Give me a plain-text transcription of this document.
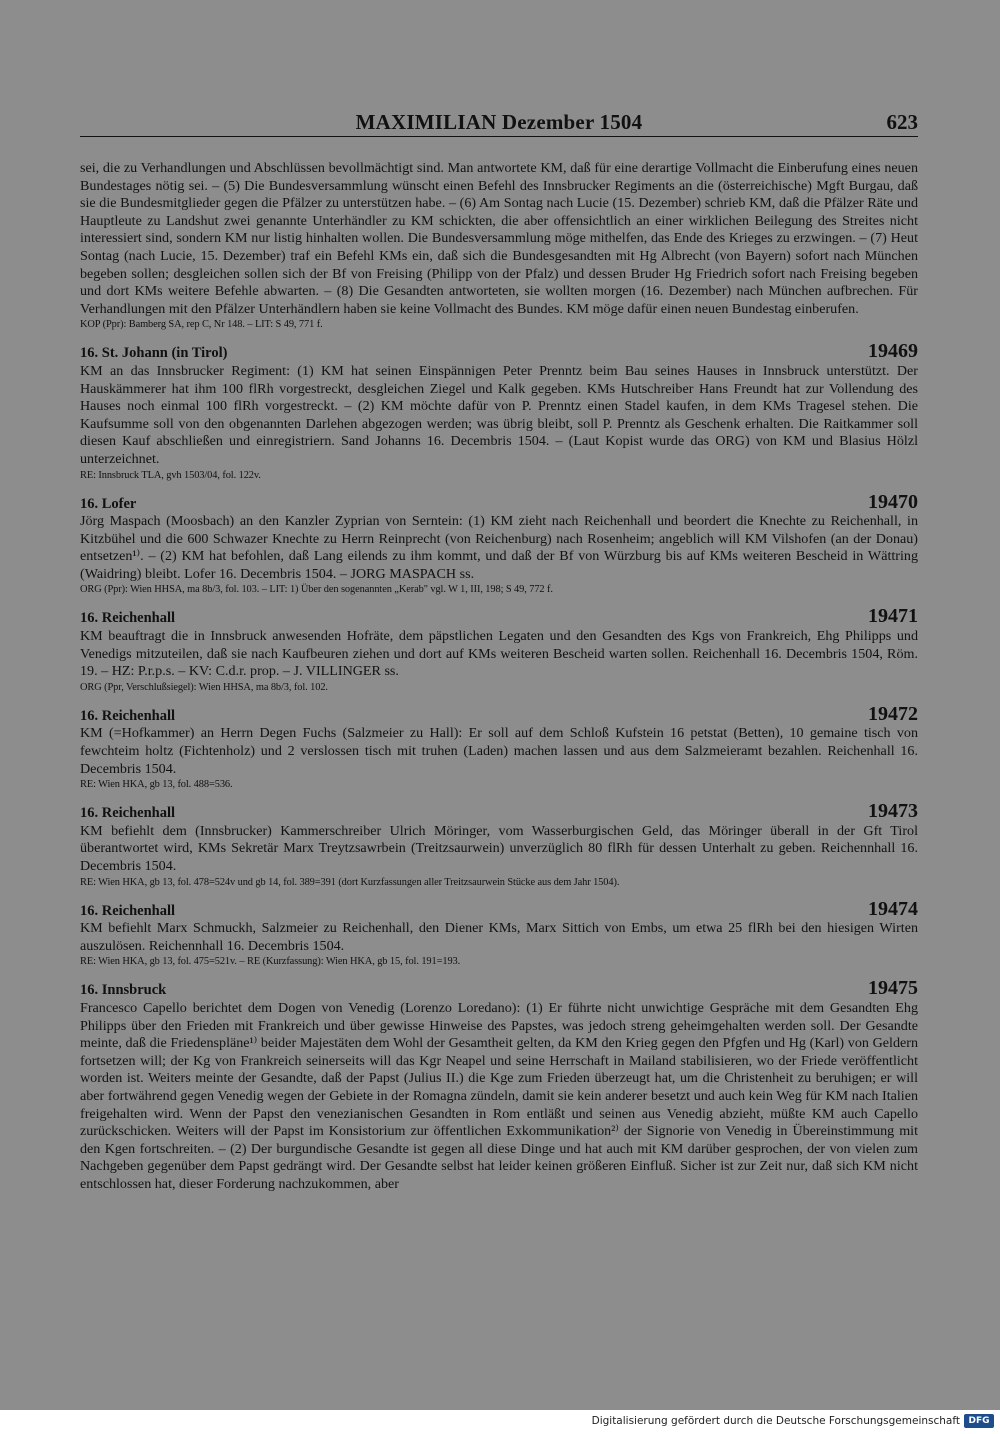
MAXIMILIAN Dezember 1504	623

sei, die zu Verhandlungen und Abschlüssen bevollmächtigt sind. Man antwortete KM, daß für eine derartige Vollmacht die Einberufung eines neuen Bundestages nötig sei. – (5) Die Bundesversammlung wünscht einen Befehl des Innsbrucker Regiments an die (österreichische) Mgft Burgau, daß sie die Bundesmitglieder gegen die Pfälzer zu unterstützen habe. – (6) Am Sontag nach Lucie (15. Dezember) schrieb KM, daß die Pfälzer Räte und Hauptleute zu Landshut zwei genannte Unterhändler zu KM schickten, die aber offensichtlich an einer wirklichen Beilegung des Streites nicht interessiert sind, sondern KM nur listig hinhalten wollen. Die Bundesversammlung möge mithelfen, das Ende des Krieges zu erzwingen. – (7) Heut Sontag (nach Lucie, 15. Dezember) traf ein Befehl KMs ein, daß sich die Bundesgesandten mit Hg Albrecht (von Bayern) sofort nach München begeben sollen; desgleichen sollen sich der Bf von Freising (Philipp von der Pfalz) und dessen Bruder Hg Friedrich sofort nach Freising begeben und dort KMs weitere Befehle abwarten. – (8) Die Gesandten antworteten, sie wollten morgen (16. Dezember) nach München aufbrechen. Für Verhandlungen mit den Pfälzer Unterhändlern haben sie keine Vollmacht des Bundes. KM möge dafür einen neuen Bundestag einberufen.

KOP (Ppr): Bamberg SA, rep C, Nr 148. – LIT: S 49, 771 f.

16. St. Johann (in Tirol)	19469

KM an das Innsbrucker Regiment: (1) KM hat seinen Einspännigen Peter Prenntz beim Bau seines Hauses in Innsbruck unterstützt. Der Hauskämmerer hat ihm 100 flRh vorgestreckt, desgleichen Ziegel und Kalk gegeben. KMs Hutschreiber Hans Freundt hat zur Vollendung des Hauses noch einmal 100 flRh vorgestreckt. – (2) KM möchte dafür von P. Prenntz einen Stadel kaufen, in dem KMs Tragesel stehen. Die Kaufsumme soll von den obgenannten Darlehen abgezogen werden; was übrig bleibt, soll P. Prenntz als Geschenk erhalten. Die Raitkammer soll diesen Kauf abschließen und einregistriern. Sand Johanns 16. Decembris 1504. – (Laut Kopist wurde das ORG) von KM und Blasius Hölzl unterzeichnet.

RE: Innsbruck TLA, gvh 1503/04, fol. 122v.

16. Lofer	19470

Jörg Maspach (Moosbach) an den Kanzler Zyprian von Serntein: (1) KM zieht nach Reichenhall und beordert die Knechte zu Reichenhall, in Kitzbühel und die 600 Schwazer Knechte zu Herrn Reinprecht (von Reichenburg) nach Rosenheim; angeblich will KM Vilshofen (an der Donau) entsetzen¹⁾. – (2) KM hat befohlen, daß Lang eilends zu ihm kommt, und daß der Bf von Würzburg bis auf KMs weiteren Bescheid in Wättring (Waidring) bleibt. Lofer 16. Decembris 1504. – JORG MASPACH ss.

ORG (Ppr): Wien HHSA, ma 8b/3, fol. 103. – LIT: 1) Über den sogenannten „Kerab" vgl. W 1, III, 198; S 49, 772 f.

16. Reichenhall	19471

KM beauftragt die in Innsbruck anwesenden Hofräte, dem päpstlichen Legaten und den Gesandten des Kgs von Frankreich, Ehg Philipps und Venedigs mitzuteilen, daß sie nach Kaufbeuren ziehen und dort auf KMs weiteren Bescheid warten sollen. Reichenhall 16. Decembris 1504, Röm. 19. – HZ: P.r.p.s. – KV: C.d.r. prop. – J. VILLINGER ss.

ORG (Ppr, Verschlußsiegel): Wien HHSA, ma 8b/3, fol. 102.

16. Reichenhall	19472

KM (=Hofkammer) an Herrn Degen Fuchs (Salzmeier zu Hall): Er soll auf dem Schloß Kufstein 16 petstat (Betten), 10 gemaine tisch von fewchteim holtz (Fichtenholz) und 2 verslossen tisch mit truhen (Laden) machen lassen und aus dem Salzmeieramt bezahlen. Reichenhall 16. Decembris 1504.

RE: Wien HKA, gb 13, fol. 488=536.

16. Reichenhall	19473

KM befiehlt dem (Innsbrucker) Kammerschreiber Ulrich Möringer, vom Wasserburgischen Geld, das Möringer überall in der Gft Tirol überantwortet wird, KMs Sekretär Marx Treytzsawrbein (Treitzsaurwein) unverzüglich 80 flRh für dessen Unterhalt zu geben. Reichennhall 16. Decembris 1504.

RE: Wien HKA, gb 13, fol. 478=524v und gb 14, fol. 389=391 (dort Kurzfassungen aller Treitzsaurwein Stücke aus dem Jahr 1504).

16. Reichenhall	19474

KM befiehlt Marx Schmuckh, Salzmeier zu Reichenhall, den Diener KMs, Marx Sittich von Embs, um etwa 25 flRh bei den hiesigen Wirten auszulösen. Reichennhall 16. Decembris 1504.

RE: Wien HKA, gb 13, fol. 475=521v. – RE (Kurzfassung): Wien HKA, gb 15, fol. 191=193.

16. Innsbruck	19475

Francesco Capello berichtet dem Dogen von Venedig (Lorenzo Loredano): (1) Er führte nicht unwichtige Gespräche mit dem Gesandten Ehg Philipps über den Frieden mit Frankreich und über gewisse Hinweise des Papstes, was jedoch streng geheimgehalten werden soll. Der Gesandte meinte, daß die Friedenspläne¹⁾ beider Majestäten dem Wohl der Gesamtheit gelten, da KM den Krieg gegen den Pfgfen und Hg (Karl) von Geldern fortsetzen will; der Kg von Frankreich seinerseits will das Kgr Neapel und seine Herrschaft in Mailand stabilisieren, wo der Friede veröffentlicht worden ist. Weiters meinte der Gesandte, daß der Papst (Julius II.) die Kge zum Frieden überzeugt hat, um die Christenheit zu beruhigen; er will aber fortwährend gegen Venedig wegen der Gebiete in der Romagna zündeln, damit sie kein anderer besetzt und auch kein Weg für KM nach Italien freigehalten wird. Wenn der Papst den venezianischen Gesandten in Rom entläßt und seinen aus Venedig abzieht, müßte KM auch Capello zurückschicken. Weiters will der Papst im Konsistorium zur öffentlichen Exkommunikation²⁾ der Signorie von Venedig in Übereinstimmung mit den Kgen fortschreiten. – (2) Der burgundische Gesandte ist gegen all diese Dinge und hat auch mit KM darüber gesprochen, der von vielen zum Nachgeben gegenüber dem Papst gedrängt wird. Der Gesandte selbst hat leider keinen größeren Einfluß. Sicher ist zur Zeit nur, daß sich KM nicht entschlossen hat, dieser Forderung nachzukommen, aber

Digitalisierung gefördert durch die Deutsche Forschungsgemeinschaft DFG
